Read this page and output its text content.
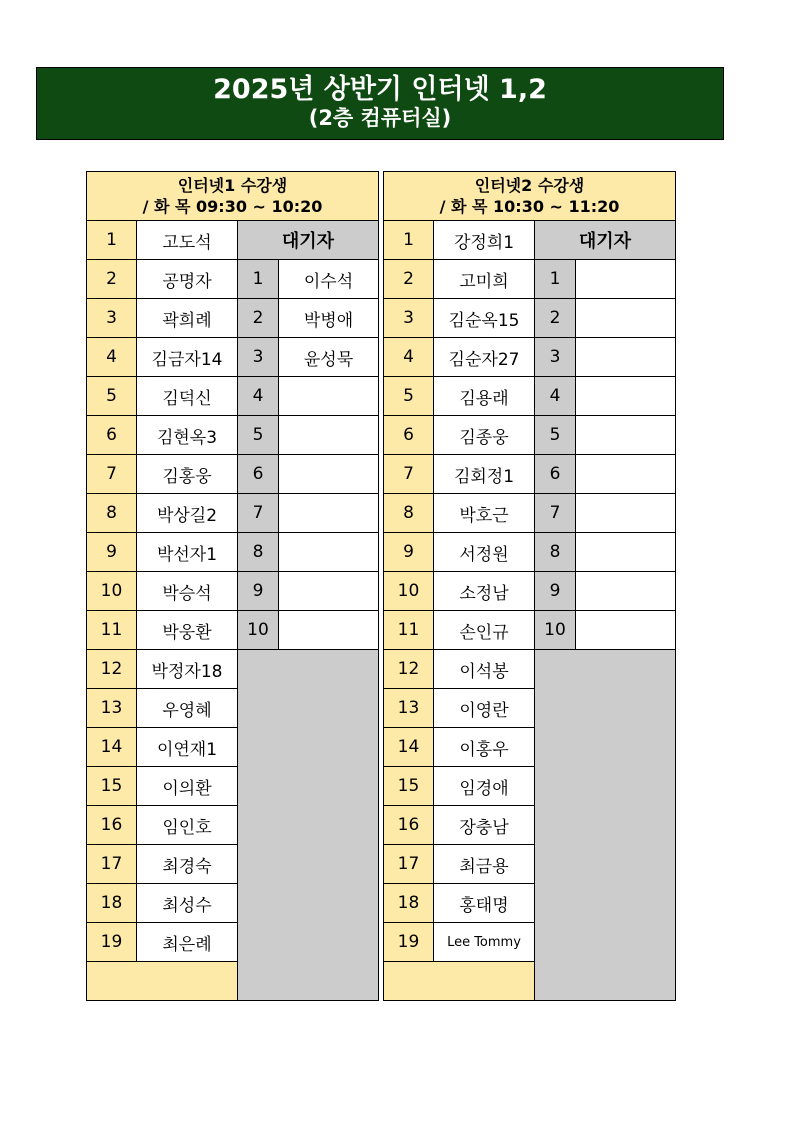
2025년 상반기 인터넷 1,2
(2층 컴퓨터실)
인터넷1 수강생
/ 화 목 09:30 ~ 10:20			

1	고도석	대기자	
2	공명자	1	이수석
3	곽희례	2	박병애
4	김금자14	3	윤성묵
5	김덕신	4	
6	김현옥3	5	
7	김홍웅	6	
8	박상길2	7	
9	박선자1	8	
10	박승석	9	
11	박웅환	10	
12	박정자18		
13	우영혜		
14	이연재1		
15	이의환		
16	임인호		
17	최경숙		
18	최성수		
19	최은례		

인터넷2 수강생
/ 화 목 10:30 ~ 11:20			

1	강정희1	대기자	
2	고미희	1	
3	김순옥15	2	
4	김순자27	3	
5	김용래	4	
6	김종웅	5	
7	김회정1	6	
8	박호근	7	
9	서정원	8	
10	소정남	9	
11	손인규	10	
12	이석봉		
13	이영란		
14	이홍우		
15	임경애		
16	장충남		
17	최금용		
18	홍태명		
19	Lee Tommy		
